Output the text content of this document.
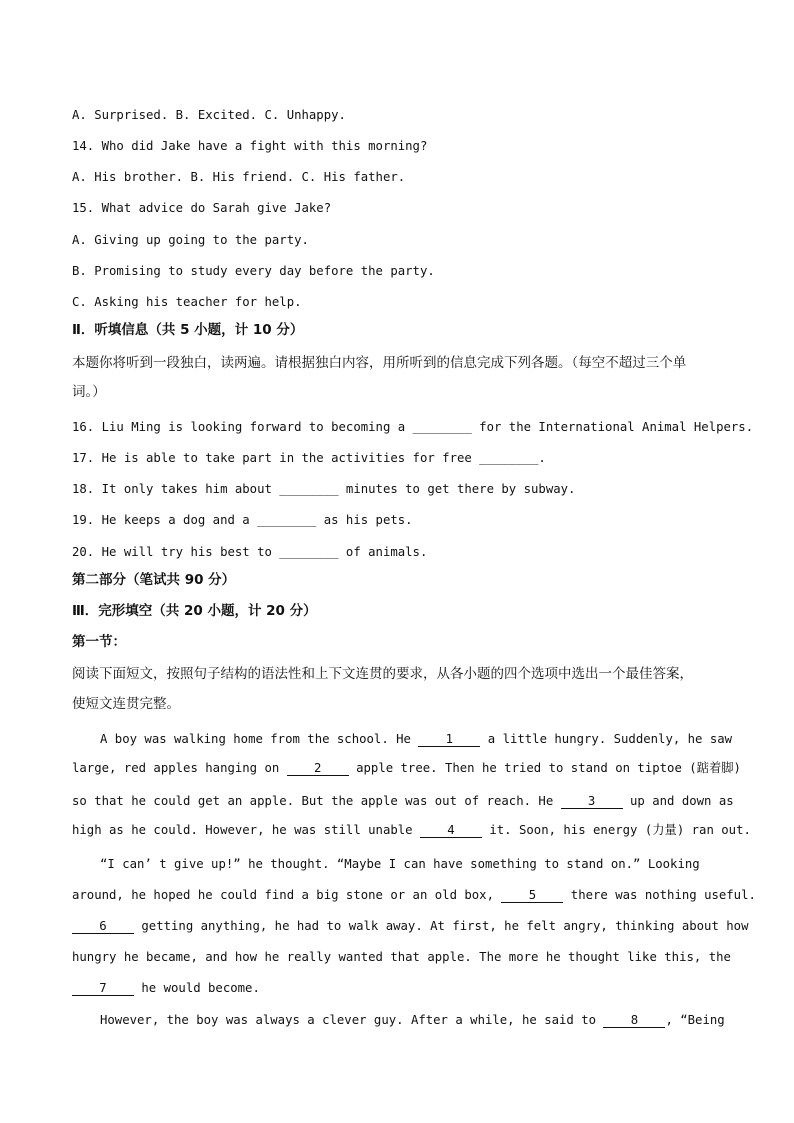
A. Surprised. B. Excited. C. Unhappy.
14. Who did Jake have a fight with this morning?
A. His brother. B. His friend. C. His father.
15. What advice do Sarah give Jake?
A. Giving up going to the party.
B. Promising to study every day before the party.
C. Asking his teacher for help.
Ⅱ．听填信息（共 5 小题，计 10 分）
本题你将听到一段独白，读两遍。请根据独白内容，用所听到的信息完成下列各题。（每空不超过三个单
词。）
16. Liu Ming is looking forward to becoming a ________ for the International Animal Helpers.
17. He is able to take part in the activities for free ________.
18. It only takes him about ________ minutes to get there by subway.
19. He keeps a dog and a ________ as his pets.
20. He will try his best to ________ of animals.
第二部分（笔试共 90 分）
Ⅲ．完形填空（共 20 小题，计 20 分）
第一节：
阅读下面短文，按照句子结构的语法性和上下文连贯的要求，从各小题的四个选项中选出一个最佳答案，
使短文连贯完整。
A boy was walking home from the school. He 1 a little hungry. Suddenly, he saw
large, red apples hanging on 2 apple tree. Then he tried to stand on tiptoe (踮着脚)
so that he could get an apple. But the apple was out of reach. He 3 up and down as
high as he could. However, he was still unable 4 it. Soon, his energy (力量) ran out.
“I can’ t give up!” he thought. “Maybe I can have something to stand on.” Looking
around, he hoped he could find a big stone or an old box, 5 there was nothing useful.
6 getting anything, he had to walk away. At first, he felt angry, thinking about how
hungry he became, and how he really wanted that apple. The more he thought like this, the
7 he would become.
However, the boy was always a clever guy. After a while, he said to 8 , “Being
